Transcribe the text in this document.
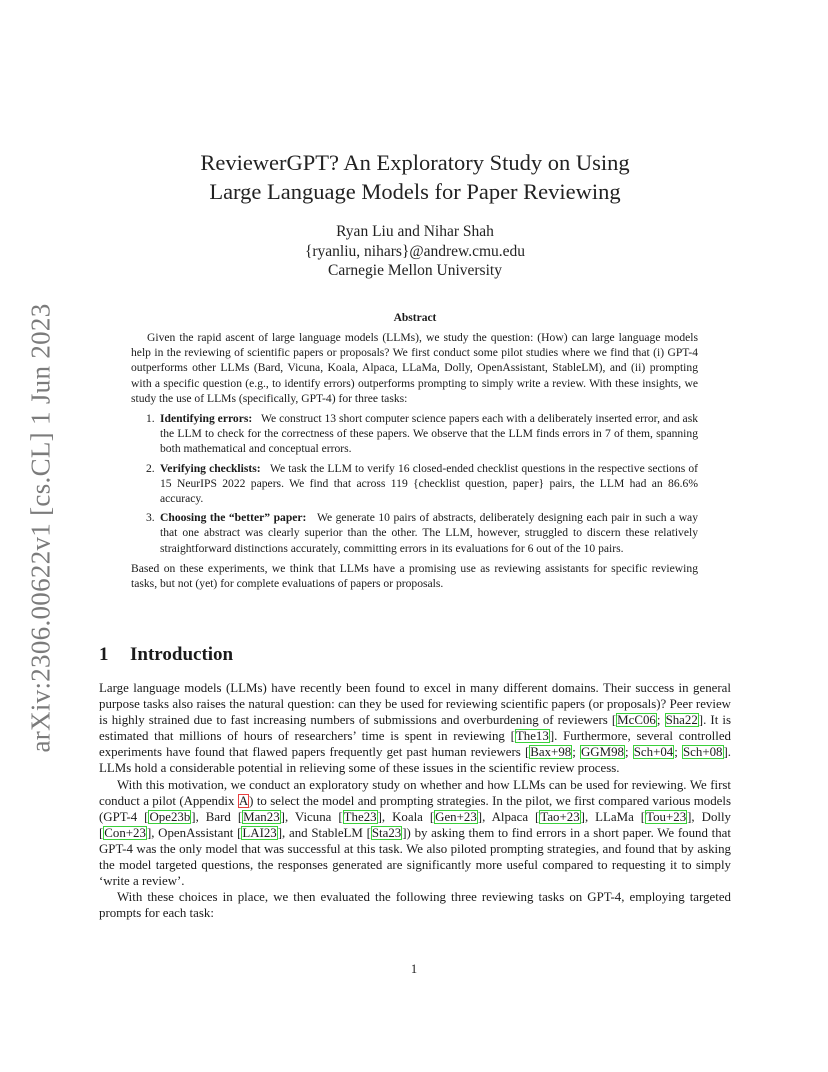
arXiv:2306.00622v1 [cs.CL] 1 Jun 2023
ReviewerGPT? An Exploratory Study on Using
Large Language Models for Paper Reviewing
Ryan Liu and Nihar Shah
{ryanliu, nihars}@andrew.cmu.edu
Carnegie Mellon University
Abstract

Given the rapid ascent of large language models (LLMs), we study the question: (How) can large language models help in the reviewing of scientific papers or proposals? We first conduct some pilot studies where we find that (i) GPT-4 outperforms other LLMs (Bard, Vicuna, Koala, Alpaca, LLaMa, Dolly, OpenAssistant, StableLM), and (ii) prompting with a specific question (e.g., to identify errors) outperforms prompting to simply write a review. With these insights, we study the use of LLMs (specifically, GPT-4) for three tasks:

1. Identifying errors: We construct 13 short computer science papers each with a deliberately inserted error, and ask the LLM to check for the correctness of these papers. We observe that the LLM finds errors in 7 of them, spanning both mathematical and conceptual errors.
2. Verifying checklists: We task the LLM to verify 16 closed-ended checklist questions in the respective sections of 15 NeurIPS 2022 papers. We find that across 119 {checklist question, paper} pairs, the LLM had an 86.6% accuracy.
3. Choosing the “better” paper: We generate 10 pairs of abstracts, deliberately designing each pair in such a way that one abstract was clearly superior than the other. The LLM, however, struggled to discern these relatively straightforward distinctions accurately, committing errors in its evaluations for 6 out of the 10 pairs.

Based on these experiments, we think that LLMs have a promising use as reviewing assistants for specific reviewing tasks, but not (yet) for complete evaluations of papers or proposals.

1 Introduction

Large language models (LLMs) have recently been found to excel in many different domains. Their success in general purpose tasks also raises the natural question: can they be used for reviewing scientific papers (or proposals)? Peer review is highly strained due to fast increasing numbers of submissions and overburdening of reviewers [McC06; Sha22]. It is estimated that millions of hours of researchers’ time is spent in reviewing [The13]. Furthermore, several controlled experiments have found that flawed papers frequently get past human reviewers [Bax+98; GGM98; Sch+04; Sch+08]. LLMs hold a considerable potential in relieving some of these issues in the scientific review process.

With this motivation, we conduct an exploratory study on whether and how LLMs can be used for reviewing. We first conduct a pilot (Appendix A) to select the model and prompting strategies. In the pilot, we first compared various models (GPT-4 [Ope23b], Bard [Man23], Vicuna [The23], Koala [Gen+23], Alpaca [Tao+23], LLaMa [Tou+23], Dolly [Con+23], OpenAssistant [LAI23], and StableLM [Sta23]) by asking them to find errors in a short paper. We found that GPT-4 was the only model that was successful at this task. We also piloted prompting strategies, and found that by asking the model targeted questions, the responses generated are significantly more useful compared to requesting it to simply ‘write a review’.

With these choices in place, we then evaluated the following three reviewing tasks on GPT-4, employing targeted prompts for each task:

1
